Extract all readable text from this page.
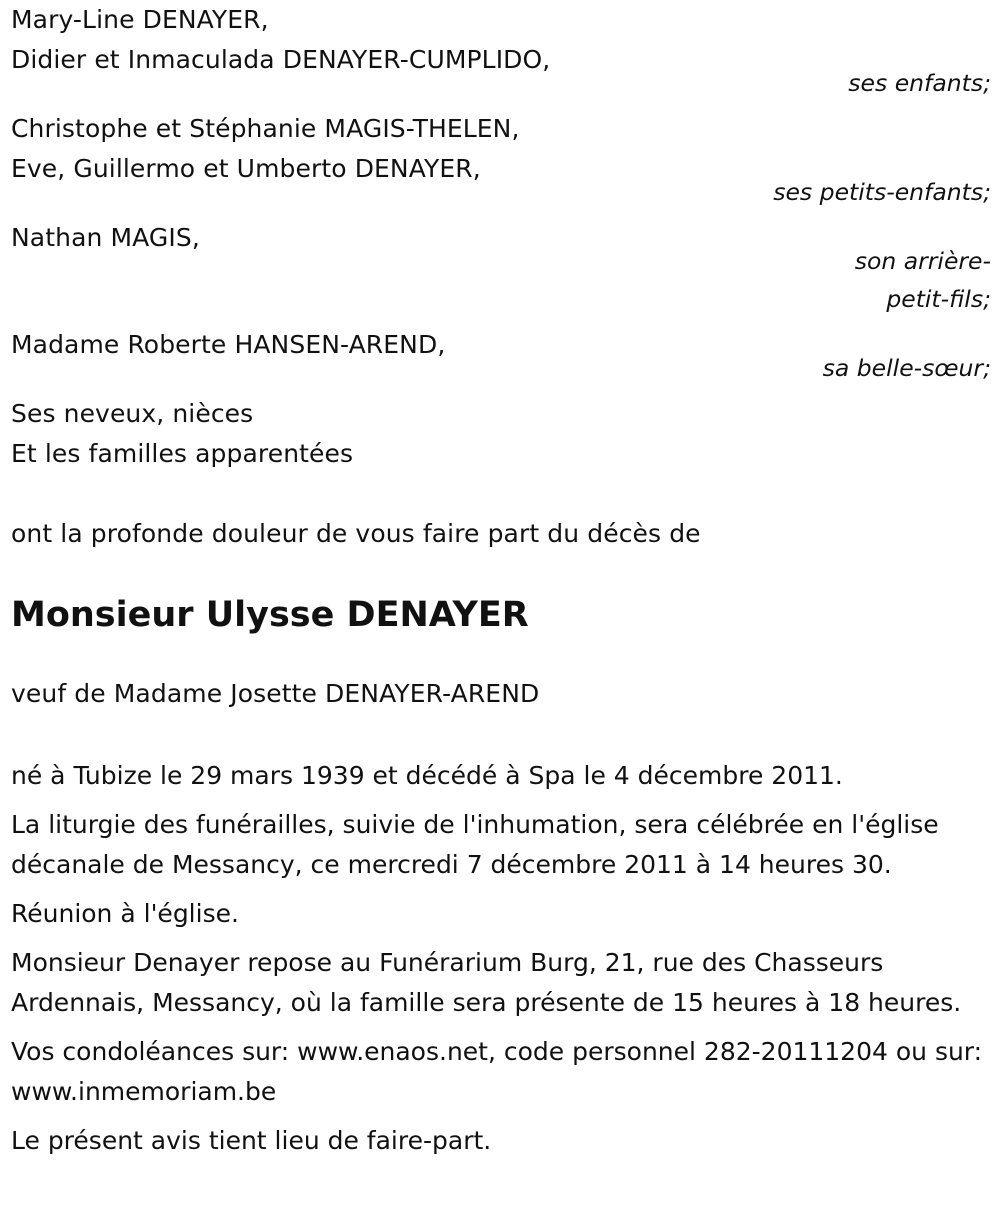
Mary-Line DENAYER,
Didier et Inmaculada DENAYER-CUMPLIDO,
ses enfants;
Christophe et Stéphanie MAGIS-THELEN,
Eve, Guillermo et Umberto DENAYER,
ses petits-enfants;
Nathan MAGIS,
son arrière-
petit-fils;
Madame Roberte HANSEN-AREND,
sa belle-sœur;
Ses neveux, nièces
Et les familles apparentées
ont la profonde douleur de vous faire part du décès de
Monsieur Ulysse DENAYER
veuf de Madame Josette DENAYER-AREND
né à Tubize le 29 mars 1939 et décédé à Spa le 4 décembre 2011.
La liturgie des funérailles, suivie de l'inhumation, sera célébrée en l'église décanale de Messancy, ce mercredi 7 décembre 2011 à 14 heures 30.
Réunion à l'église.
Monsieur Denayer repose au Funérarium Burg, 21, rue des Chasseurs Ardennais, Messancy, où la famille sera présente de 15 heures à 18 heures.
Vos condoléances sur: www.enaos.net, code personnel 282-20111204 ou sur: www.inmemoriam.be
Le présent avis tient lieu de faire-part.
